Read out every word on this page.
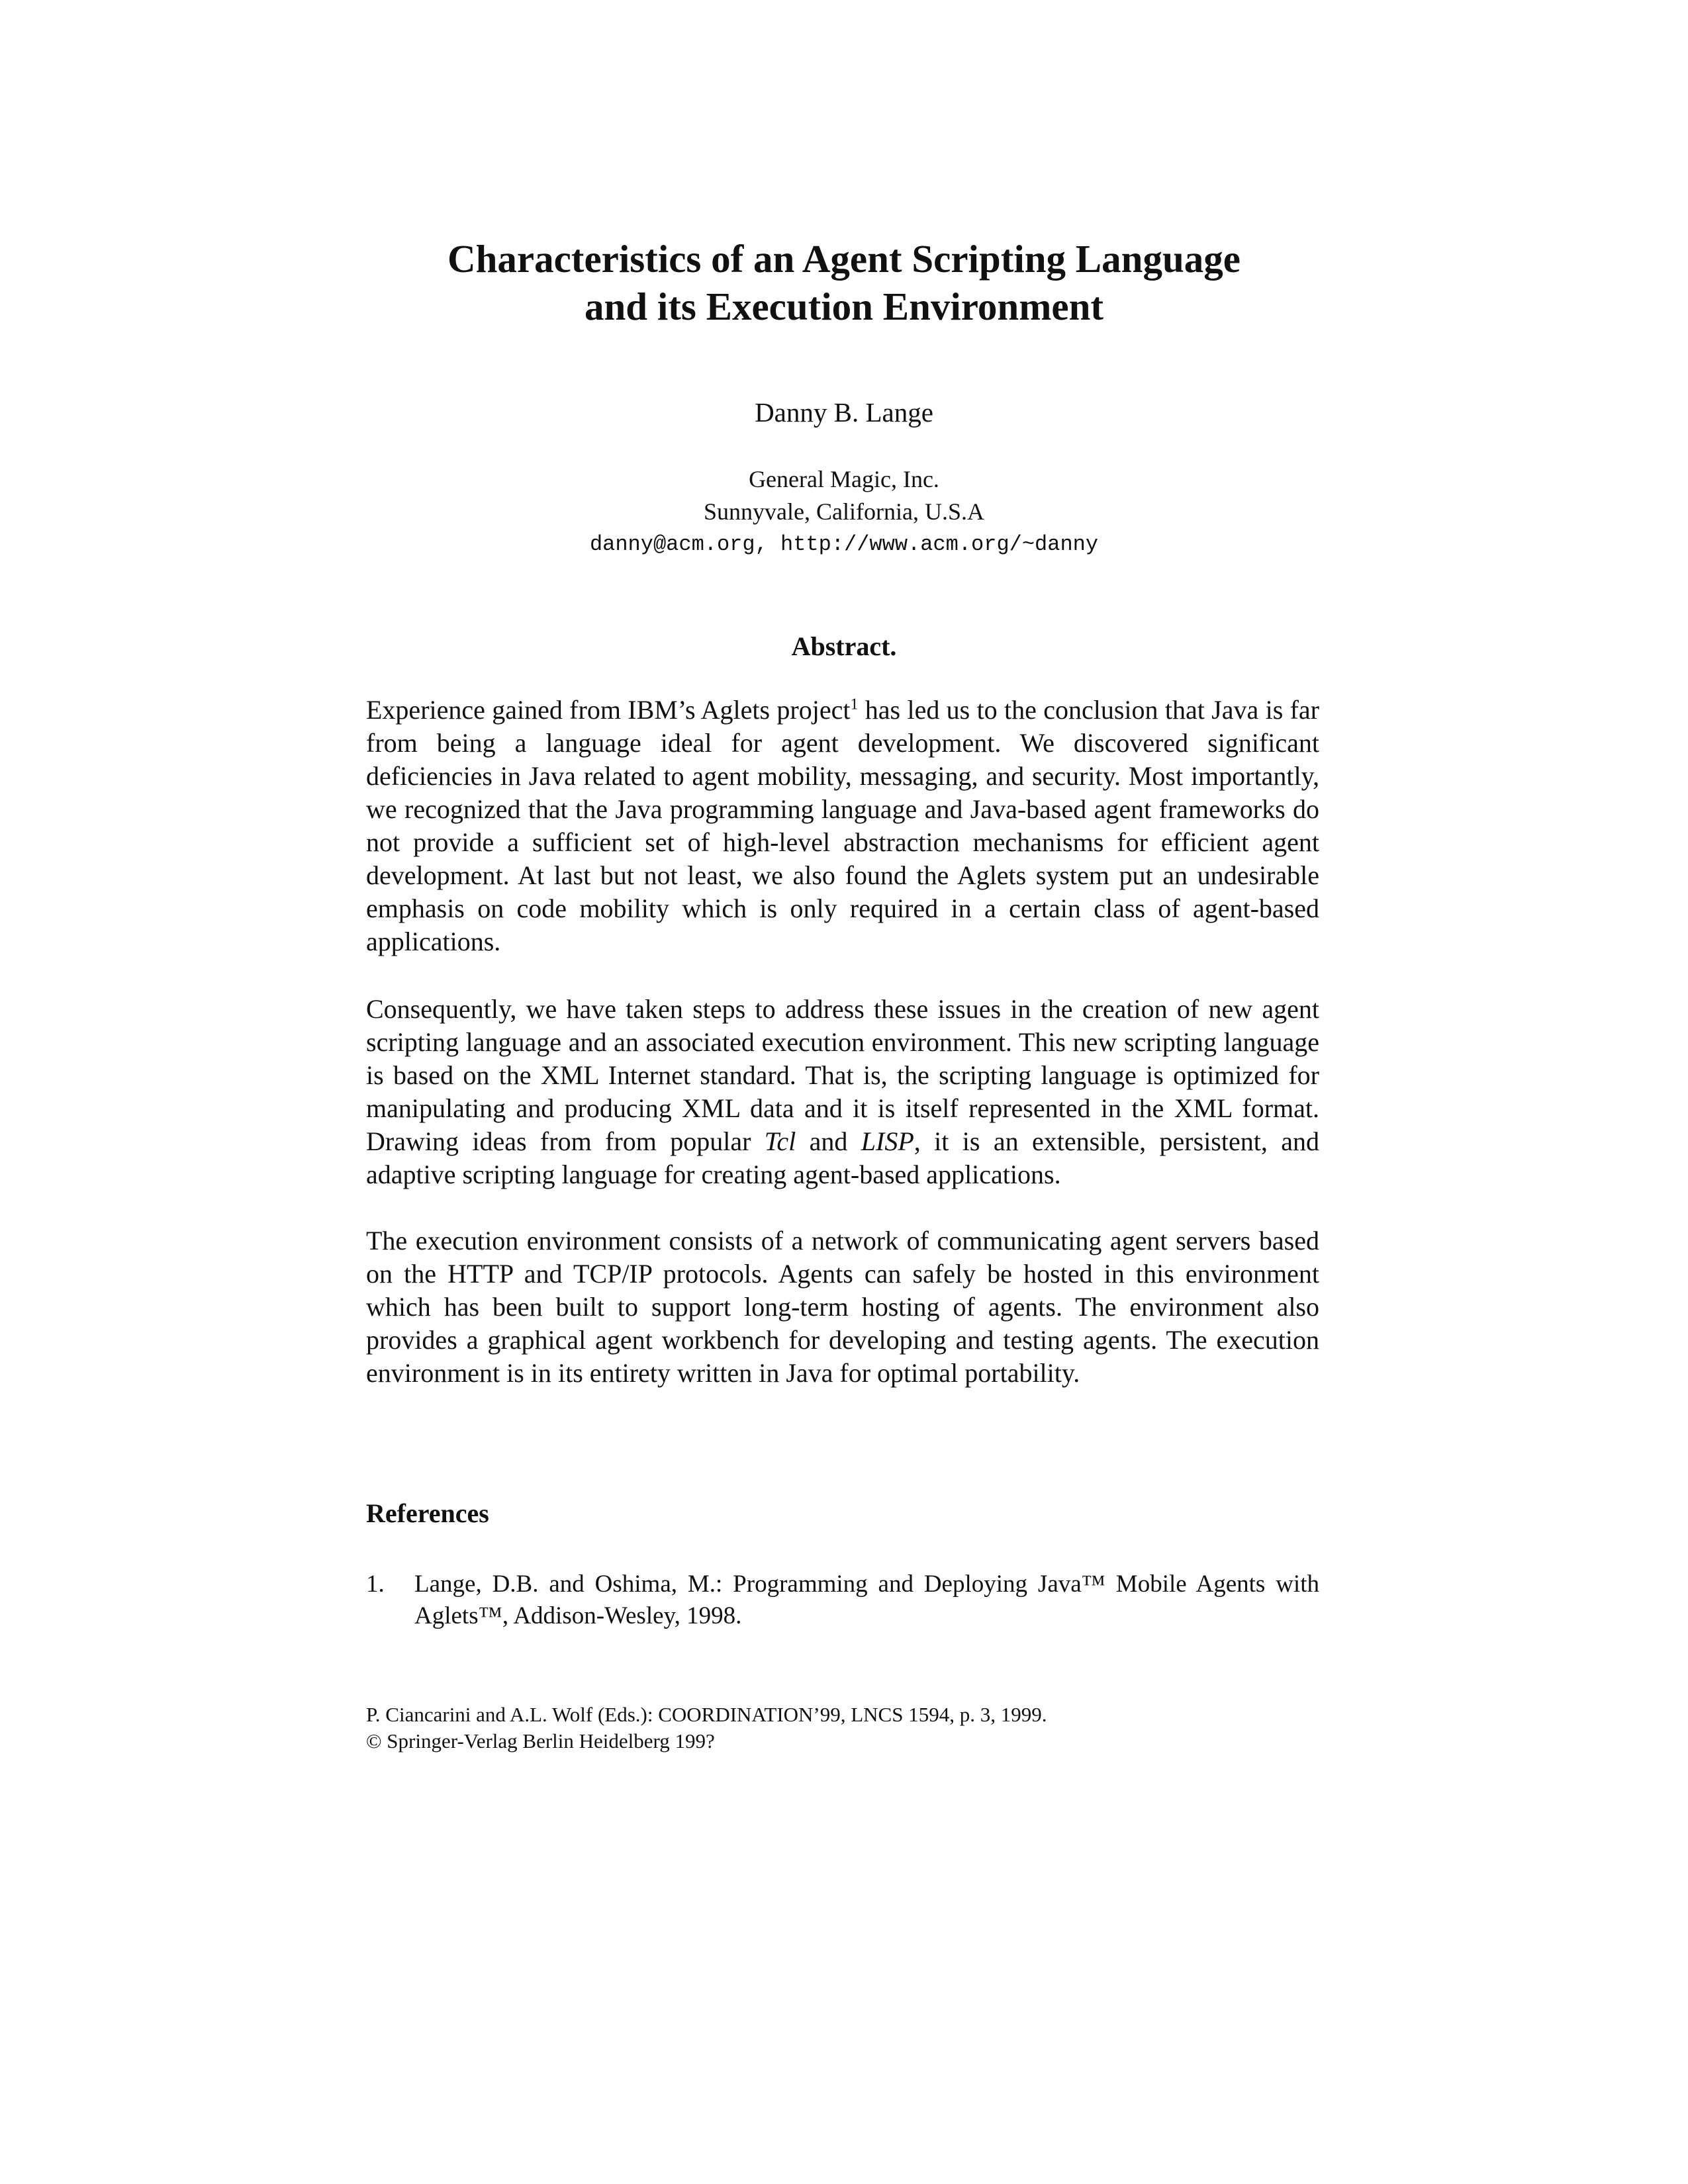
Characteristics of an Agent Scripting Language
and its Execution Environment
Danny B. Lange
General Magic, Inc.
Sunnyvale, California, U.S.A
danny@acm.org, http://www.acm.org/~danny
Abstract.

Experience gained from IBM’s Aglets project$^1$ has led us to the conclusion that Java is far from being a language ideal for agent development. We discovered significant deficiencies in Java related to agent mobility, messaging, and security. Most importantly, we recognized that the Java programming language and Java-based agent frameworks do not provide a sufficient set of high-level abstraction mechanisms for efficient agent development. At last but not least, we also found the Aglets system put an undesirable emphasis on code mobility which is only required in a certain class of agent-based applications.

Consequently, we have taken steps to address these issues in the creation of new agent scripting language and an associated execution environment. This new scripting language is based on the XML Internet standard. That is, the scripting language is optimized for manipulating and producing XML data and it is itself represented in the XML format. Drawing ideas from from popular Tcl and LISP, it is an extensible, persistent, and adaptive scripting language for creating agent-based applications.

The execution environment consists of a network of communicating agent servers based on the HTTP and TCP/IP protocols. Agents can safely be hosted in this environment which has been built to support long-term hosting of agents. The environment also provides a graphical agent workbench for developing and testing agents. The execution environment is in its entirety written in Java for optimal portability.

References
1.	Lange, D.B. and Oshima, M.: Programming and Deploying Java™ Mobile Agents with Aglets™, Addison-Wesley, 1998.
P. Ciancarini and A.L. Wolf (Eds.): COORDINATION’99, LNCS 1594, p. 3, 1999.
© Springer-Verlag Berlin Heidelberg 199?
